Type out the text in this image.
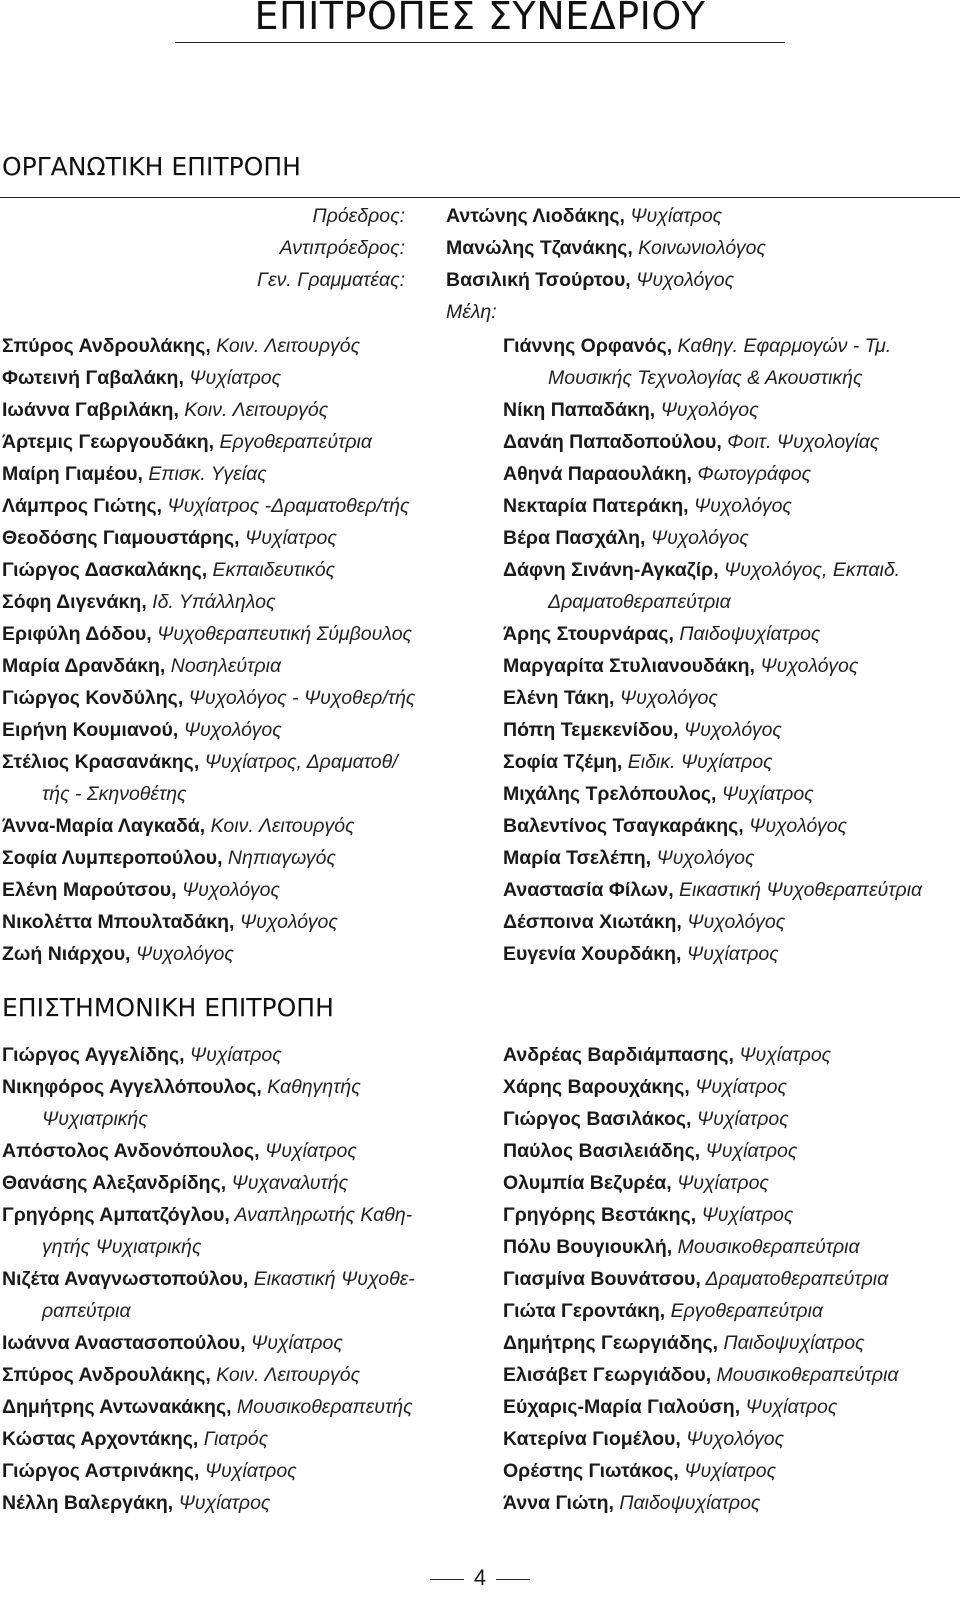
ΕΠΙΤΡΟΠΕΣ ΣΥΝΕΔΡΙΟΥ
ΟΡΓΑΝΩΤΙΚΗ ΕΠΙΤΡΟΠΗ
Πρόεδρος: Αντώνης Λιοδάκης, Ψυχίατρος
Αντιπρόεδρος: Μανώλης Τζανάκης, Κοινωνιολόγος
Γεν. Γραμματέας: Βασιλική Τσούρτου, Ψυχολόγος
Μέλη:
Σπύρος Ανδρουλάκης, Κοιν. Λειτουργός
Φωτεινή Γαβαλάκη, Ψυχίατρος
Ιωάννα Γαβριλάκη, Κοιν. Λειτουργός
Άρτεμις Γεωργουδάκη, Εργοθεραπεύτρια
Μαίρη Γιαμέου, Επισκ. Υγείας
Λάμπρος Γιώτης, Ψυχίατρος -Δραματοθερ/τής
Θεοδόσης Γιαμουστάρης, Ψυχίατρος
Γιώργος Δασκαλάκης, Εκπαιδευτικός
Σόφη Διγενάκη, Ιδ. Υπάλληλος
Εριφύλη Δόδου, Ψυχοθεραπευτική Σύμβουλος
Μαρία Δρανδάκη, Νοσηλεύτρια
Γιώργος Κονδύλης, Ψυχολόγος - Ψυχοθερ/τής
Ειρήνη Κουμιανού, Ψυχολόγος
Στέλιος Κρασανάκης, Ψυχίατρος, Δραματοθ/
τής - Σκηνοθέτης
Άννα-Μαρία Λαγκαδά, Κοιν. Λειτουργός
Σοφία Λυμπεροπούλου, Νηπιαγωγός
Ελένη Μαρούτσου, Ψυχολόγος
Νικολέττα Μπουλταδάκη, Ψυχολόγος
Ζωή Νιάρχου, Ψυχολόγος
Γιάννης Ορφανός, Καθηγ. Εφαρμογών - Τμ.
Μουσικής Τεχνολογίας & Ακουστικής
Νίκη Παπαδάκη, Ψυχολόγος
Δανάη Παπαδοπούλου, Φοιτ. Ψυχολογίας
Αθηνά Παραουλάκη, Φωτογράφος
Νεκταρία Πατεράκη, Ψυχολόγος
Βέρα Πασχάλη, Ψυχολόγος
Δάφνη Σινάνη-Αγκαζίρ, Ψυχολόγος, Εκπαιδ.
Δραματοθεραπεύτρια
Άρης Στουρνάρας, Παιδοψυχίατρος
Μαργαρίτα Στυλιανουδάκη, Ψυχολόγος
Ελένη Τάκη, Ψυχολόγος
Πόπη Τεμεκενίδου, Ψυχολόγος
Σοφία Τζέμη, Ειδικ. Ψυχίατρος
Μιχάλης Τρελόπουλος, Ψυχίατρος
Βαλεντίνος Τσαγκαράκης, Ψυχολόγος
Μαρία Τσελέπη, Ψυχολόγος
Αναστασία Φίλων, Εικαστική Ψυχοθεραπεύτρια
Δέσποινα Χιωτάκη, Ψυχολόγος
Ευγενία Χουρδάκη, Ψυχίατρος
ΕΠΙΣΤΗΜΟΝΙΚΗ ΕΠΙΤΡΟΠΗ
Γιώργος Αγγελίδης, Ψυχίατρος
Νικηφόρος Αγγελλόπουλος, Καθηγητής
Ψυχιατρικής
Απόστολος Ανδονόπουλος, Ψυχίατρος
Θανάσης Αλεξανδρίδης, Ψυχαναλυτής
Γρηγόρης Αμπατζόγλου, Αναπληρωτής Καθη-
γητής Ψυχιατρικής
Νιζέτα Αναγνωστοπούλου, Εικαστική Ψυχοθε-
ραπεύτρια
Ιωάννα Αναστασοπούλου, Ψυχίατρος
Σπύρος Ανδρουλάκης, Κοιν. Λειτουργός
Δημήτρης Αντωνακάκης, Μουσικοθεραπευτής
Κώστας Αρχοντάκης, Γιατρός
Γιώργος Αστρινάκης, Ψυχίατρος
Νέλλη Βαλεργάκη, Ψυχίατρος
Ανδρέας Βαρδιάμπασης, Ψυχίατρος
Χάρης Βαρουχάκης, Ψυχίατρος
Γιώργος Βασιλάκος, Ψυχίατρος
Παύλος Βασιλειάδης, Ψυχίατρος
Ολυμπία Βεζυρέα, Ψυχίατρος
Γρηγόρης Βεστάκης, Ψυχίατρος
Πόλυ Βουγιουκλή, Μουσικοθεραπεύτρια
Γιασμίνα Βουνάτσου, Δραματοθεραπεύτρια
Γιώτα Γεροντάκη, Εργοθεραπεύτρια
Δημήτρης Γεωργιάδης, Παιδοψυχίατρος
Ελισάβετ Γεωργιάδου, Μουσικοθεραπεύτρια
Εύχαρις-Μαρία Γιαλούση, Ψυχίατρος
Κατερίνα Γιομέλου, Ψυχολόγος
Ορέστης Γιωτάκος, Ψυχίατρος
Άννα Γιώτη, Παιδοψυχίατρος
4
